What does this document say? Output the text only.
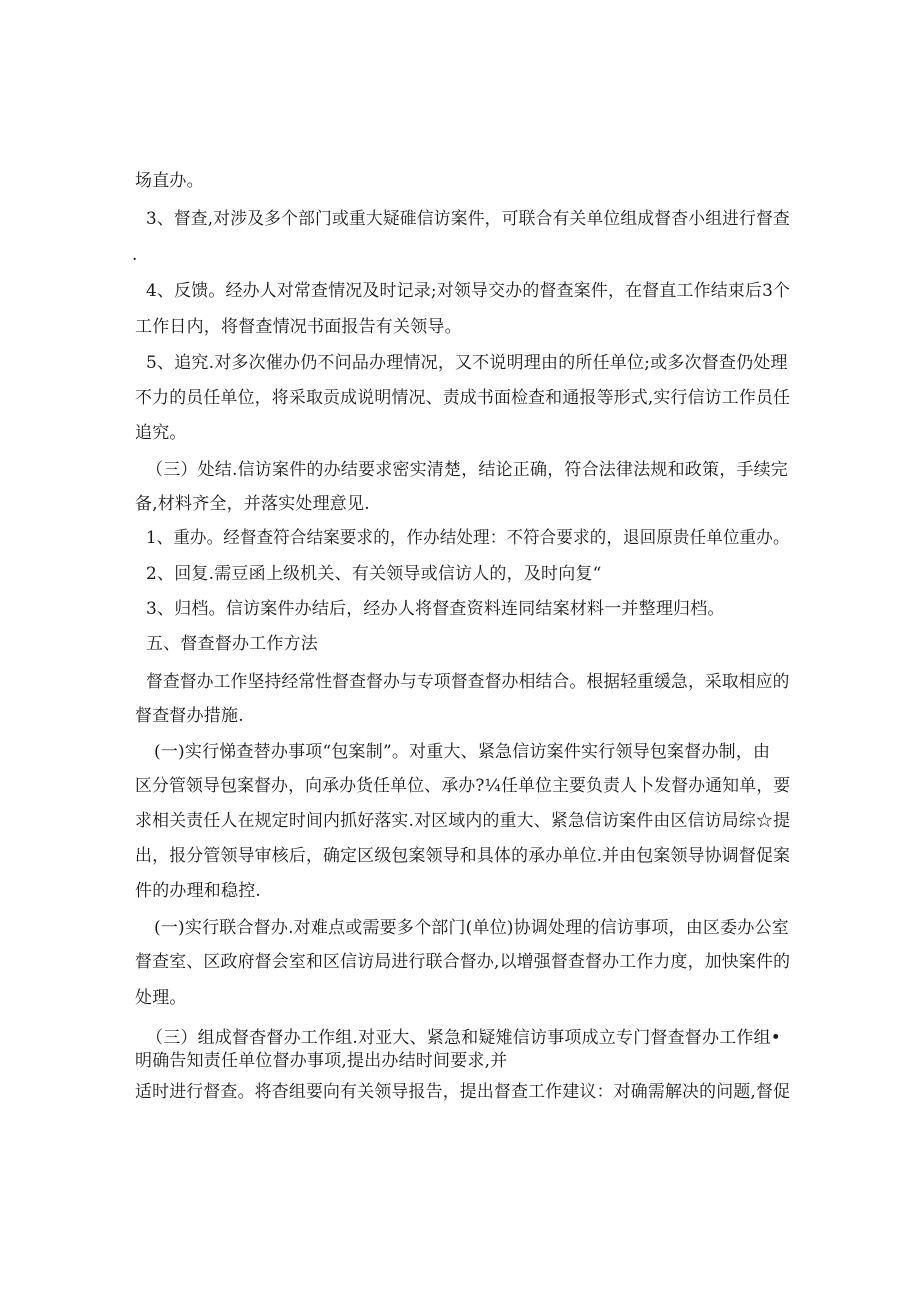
场直办。
3、督查,对涉及多个部门或重大疑碓信访案件，可联合有关单位组成督杳小组进行督查
.
4、反馈。经办人对常查情况及时记录;对领导交办的督查案件，在督直工作结束后3个
工作日内，将督查情况书面报告有关领导。
5、追究.对多次催办仍不问品办理情况，又不说明理由的所任单位;或多次督查仍处理
不力的员任单位，将采取贡成说明情况、责成书面检查和通报等形式,实行信访工作员任
追究。
（三）处结.信访案件的办结要求密实清楚，结论正确，符合法律法规和政策，手续完
备,材料齐全，并落实处理意见.
1、重办。经督查符合结案要求的，作办结处理：不符合要求的，退回原贵任单位重办。
2、回复.需豆函上级机关、有关领导或信访人的，及时向复“
3、归档。信访案件办结后，经办人将督查资料连同结案材料一并整理归档。
五、督查督办工作方法
督查督办工作坚持经常性督查督办与专项督查督办相结合。根据轻重缓急，采取相应的
督查督办措施.
(一)实行悌查替办事项“包案制”。对重大、紧急信访案件实行领导包案督办制，由
区分管领导包案督办，向承办货任单位、承办?¼任单位主要负责人卜发督办通知单，要
求相关责任人在规定时间内抓好落实.对区域内的重大、紧急信访案件由区信访局综☆提
出，报分管领导审核后，确定区级包案领导和具体的承办单位.并由包案领导协调督促案
件的办理和稳控.
(一)实行联合督办.对难点或需要多个部门(单位)协调处理的信访事项，由区委办公室
督查室、区政府督会室和区信访局进行联合督办,以增强督查督办工作力度，加快案件的
处理。
（三）组成督杳督办工作组.对亚大、紧急和疑雉信访事项成立专门督查督办工作组•
明确告知责任单位督办事项,提出办结时间要求,并
适时进行督查。将杳组要向有关领导报告，提出督查工作建议：对确需解决的问题,督促
